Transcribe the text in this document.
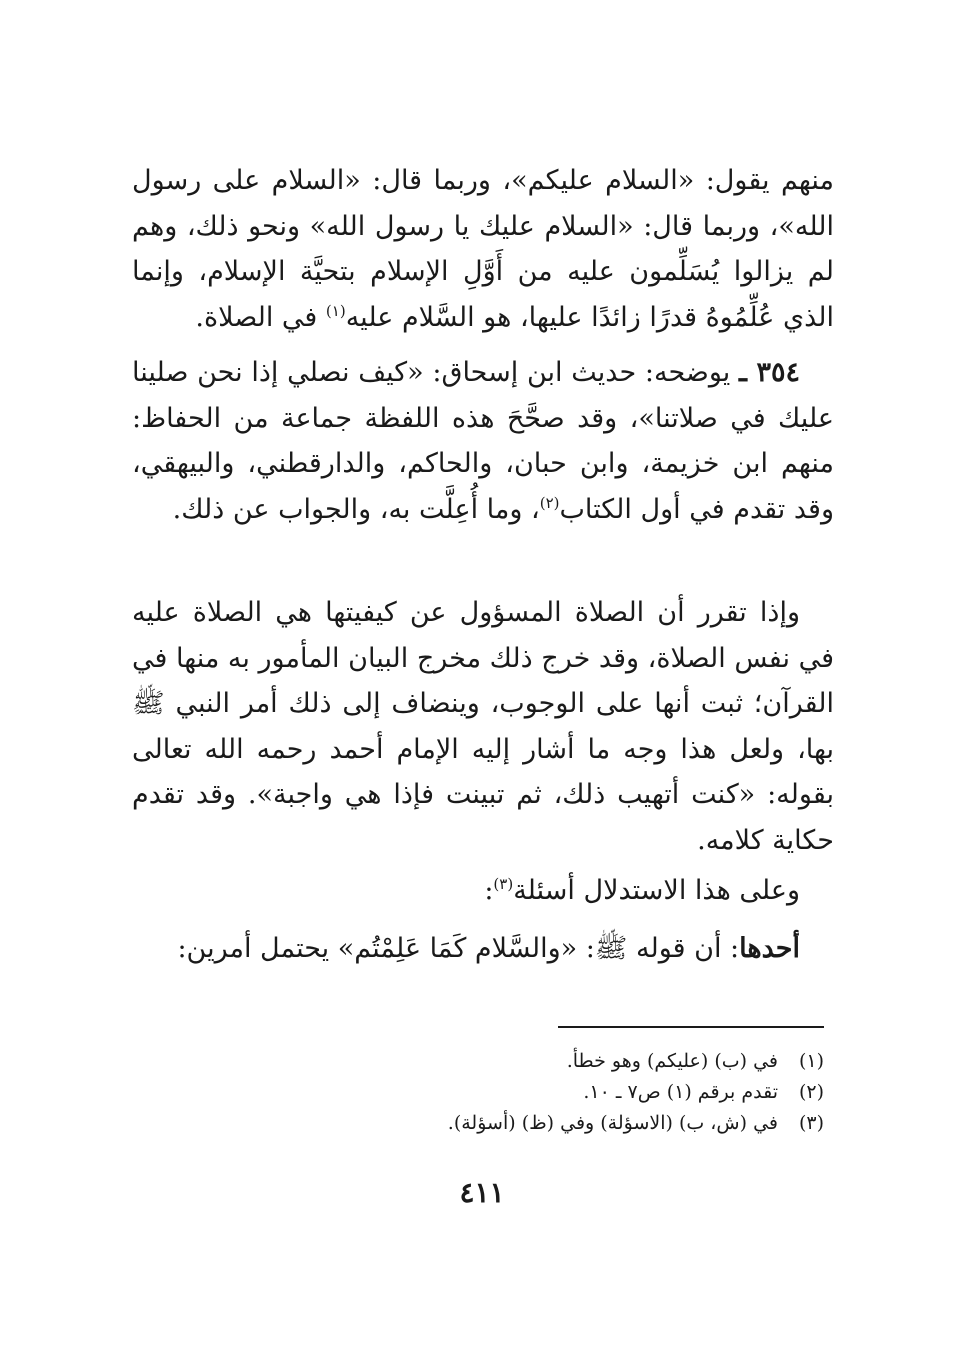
منهم يقول: «السلام عليكم»، وربما قال: «السلام على رسول الله»، وربما قال: «السلام عليك يا رسول الله» ونحو ذلك، وهم لم يزالوا يُسَلِّمون عليه من أَوَّلِ الإسلام بتحيَّة الإسلام، وإنما الذي عُلِّمُوهُ قدرًا زائدًا عليها، هو السَّلام عليه$^{(١)}$ في الصلاة.

٣٥٤ ـ يوضحه: حديث ابن إسحاق: «كيف نصلي إذا نحن صلينا عليك في صلاتنا»، وقد صحَّحَ هذه اللفظة جماعة من الحفاظ: منهم ابن خزيمة، وابن حبان، والحاكم، والدارقطني، والبيهقي، وقد تقدم في أول الكتاب$^{(٢)}$، وما أُعِلَّت به، والجواب عن ذلك.

وإذا تقرر أن الصلاة المسؤول عن كيفيتها هي الصلاة عليه في نفس الصلاة، وقد خرج ذلك مخرج البيان المأمور به منها في القرآن؛ ثبت أنها على الوجوب، وينضاف إلى ذلك أمر النبي ﷺ بها، ولعل هذا وجه ما أشار إليه الإمام أحمد رحمه الله تعالى بقوله: «كنت أتهيب ذلك، ثم تبينت فإذا هي واجبة». وقد تقدم حكاية كلامه.

وعلى هذا الاستدلال أسئلة$^{(٣)}$:

أحدها: أن قوله ﷺ: «والسَّلام كَمَا عَلِمْتُم» يحتمل أمرين:

(١)
في (ب) (عليكم) وهو خطأ.
(٢)
تقدم برقم (١) ص٧ ـ ١٠.
(٣)
في (ش، ب) (الاسؤلة) وفي (ظ) (أسؤلة).
٤١١
